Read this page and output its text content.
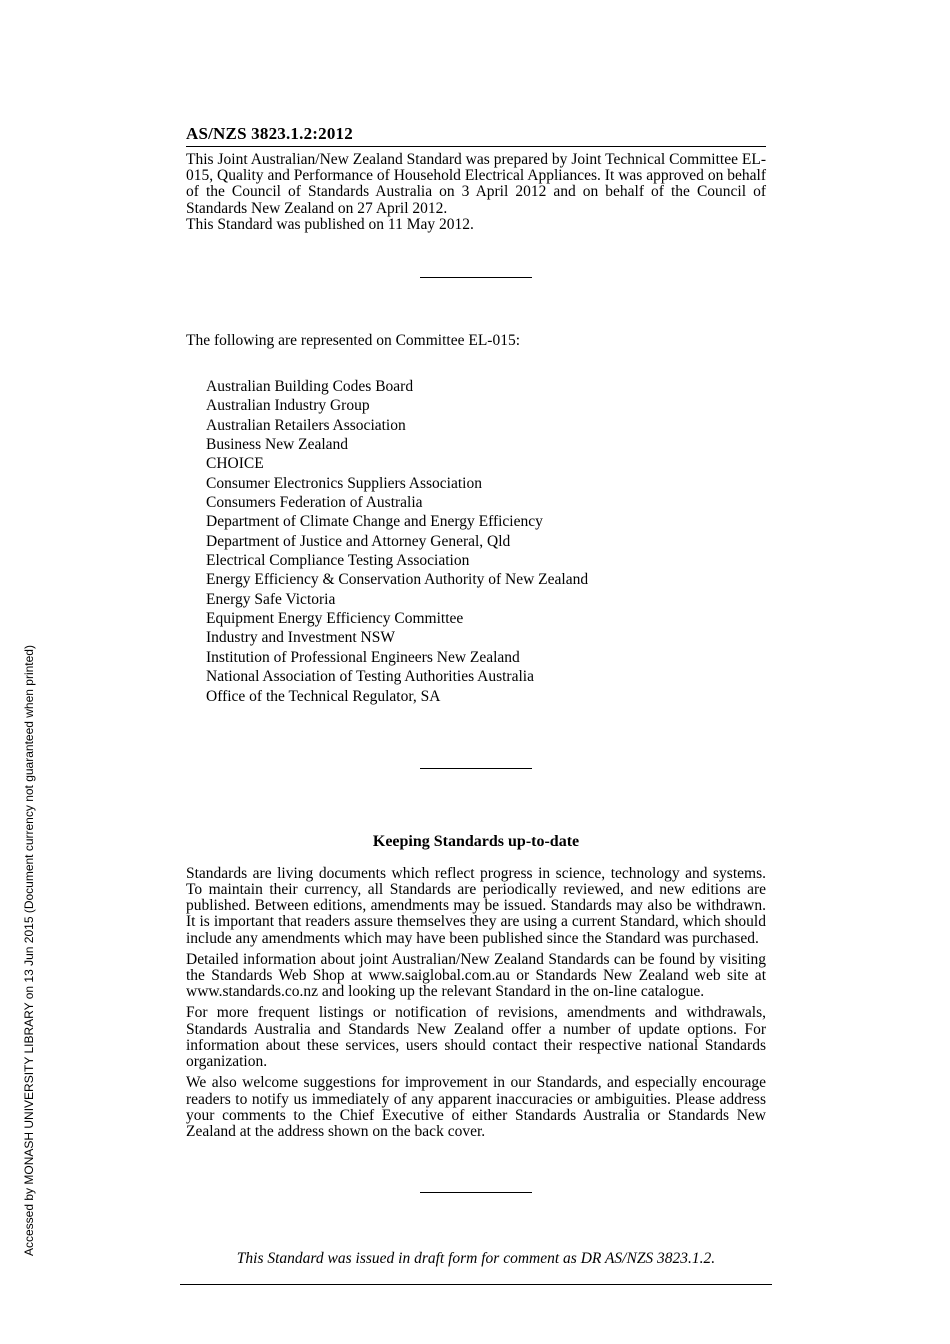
Accessed by MONASH UNIVERSITY LIBRARY on 13 Jun 2015 (Document currency not guaranteed when printed)
AS/NZS 3823.1.2:2012

This Joint Australian/New Zealand Standard was prepared by Joint Technical Committee EL-015, Quality and Performance of Household Electrical Appliances. It was approved on behalf of the Council of Standards Australia on 3 April 2012 and on behalf of the Council of Standards New Zealand on 27 April 2012.

This Standard was published on 11 May 2012.

The following are represented on Committee EL-015:

Australian Building Codes Board
Australian Industry Group
Australian Retailers Association
Business New Zealand
CHOICE
Consumer Electronics Suppliers Association
Consumers Federation of Australia
Department of Climate Change and Energy Efficiency
Department of Justice and Attorney General, Qld
Electrical Compliance Testing Association
Energy Efficiency & Conservation Authority of New Zealand
Energy Safe Victoria
Equipment Energy Efficiency Committee
Industry and Investment NSW
Institution of Professional Engineers New Zealand
National Association of Testing Authorities Australia
Office of the Technical Regulator, SA
Keeping Standards up-to-date

Standards are living documents which reflect progress in science, technology and systems. To maintain their currency, all Standards are periodically reviewed, and new editions are published. Between editions, amendments may be issued. Standards may also be withdrawn. It is important that readers assure themselves they are using a current Standard, which should include any amendments which may have been published since the Standard was purchased.

Detailed information about joint Australian/New Zealand Standards can be found by visiting the Standards Web Shop at www.saiglobal.com.au or Standards New Zealand web site at www.standards.co.nz and looking up the relevant Standard in the on-line catalogue.

For more frequent listings or notification of revisions, amendments and withdrawals, Standards Australia and Standards New Zealand offer a number of update options. For information about these services, users should contact their respective national Standards organization.

We also welcome suggestions for improvement in our Standards, and especially encourage readers to notify us immediately of any apparent inaccuracies or ambiguities. Please address your comments to the Chief Executive of either Standards Australia or Standards New Zealand at the address shown on the back cover.

This Standard was issued in draft form for comment as DR AS/NZS 3823.1.2.
